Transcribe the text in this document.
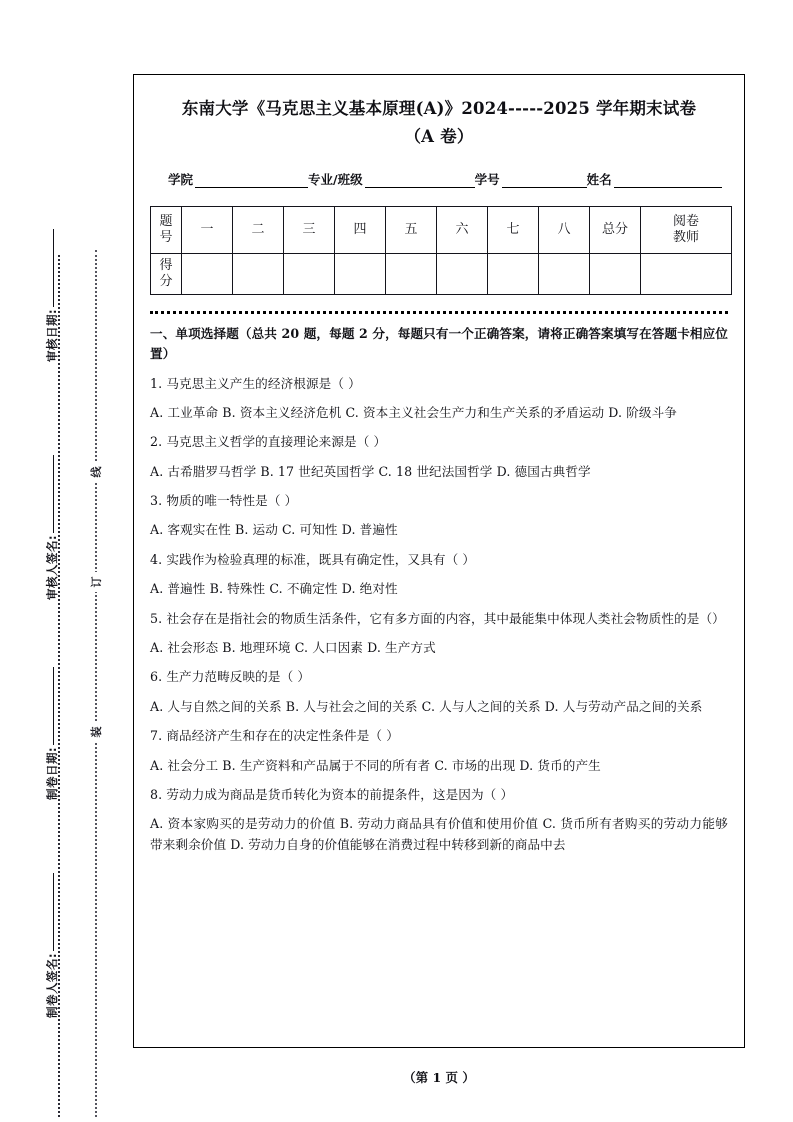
线
订
装
审核日期:
审核人签名:
制卷日期:
制卷人签名:
东南大学《马克思主义基本原理(A)》2024-----2025 学年期末试卷
（A 卷）
学院	专业/班级	学号	姓名
题
号	一	二	三	四	五	六	七	八	总分	阅卷
教师

得
分										

一、单项选择题（总共 20 题，每题 2 分，每题只有一个正确答案，请将正确答案填写在答题卡相应位置）

1. 马克思主义产生的经济根源是（ ）

A. 工业革命 B. 资本主义经济危机 C. 资本主义社会生产力和生产关系的矛盾运动 D. 阶级斗争

2. 马克思主义哲学的直接理论来源是（ ）

A. 古希腊罗马哲学 B. 17 世纪英国哲学 C. 18 世纪法国哲学 D. 德国古典哲学

3. 物质的唯一特性是（ ）

A. 客观实在性 B. 运动 C. 可知性 D. 普遍性

4. 实践作为检验真理的标准，既具有确定性，又具有（ ）

A. 普遍性 B. 特殊性 C. 不确定性 D. 绝对性

5. 社会存在是指社会的物质生活条件，它有多方面的内容，其中最能集中体现人类社会物质性的是（）

A. 社会形态 B. 地理环境 C. 人口因素 D. 生产方式

6. 生产力范畴反映的是（ ）

A. 人与自然之间的关系 B. 人与社会之间的关系 C. 人与人之间的关系 D. 人与劳动产品之间的关系

7. 商品经济产生和存在的决定性条件是（ ）

A. 社会分工 B. 生产资料和产品属于不同的所有者 C. 市场的出现 D. 货币的产生

8. 劳动力成为商品是货币转化为资本的前提条件，这是因为（ ）

A. 资本家购买的是劳动力的价值 B. 劳动力商品具有价值和使用价值 C. 货币所有者购买的劳动力能够带来剩余价值 D. 劳动力自身的价值能够在消费过程中转移到新的商品中去

（第 1 页 ）
